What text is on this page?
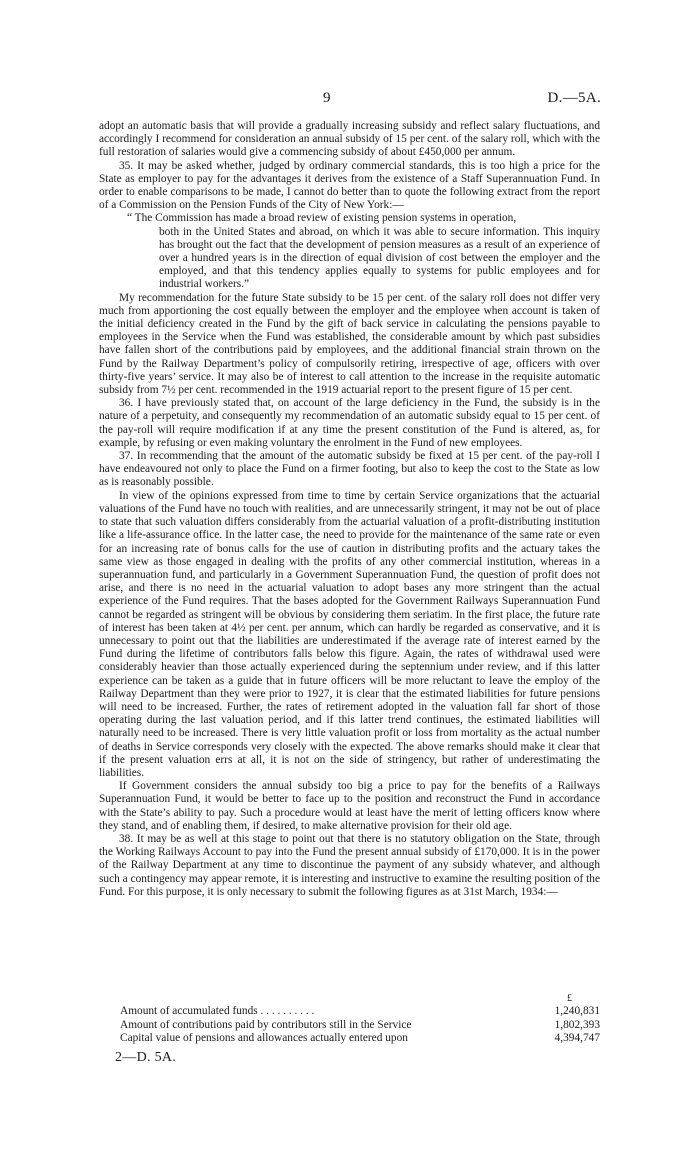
9	D.—5A.

adopt an automatic basis that will provide a gradually increasing subsidy and reflect salary fluctuations, and accordingly I recommend for consideration an annual subsidy of 15 per cent. of the salary roll, which with the full restoration of salaries would give a commencing subsidy of about £450,000 per annum.

35. It may be asked whether, judged by ordinary commercial standards, this is too high a price for the State as employer to pay for the advantages it derives from the existence of a Staff Superannuation Fund. In order to enable comparisons to be made, I cannot do better than to quote the following extract from the report of a Commission on the Pension Funds of the City of New York:—

“ The Commission has made a broad review of existing pension systems in operation,

both in the United States and abroad, on which it was able to secure information. This inquiry has brought out the fact that the development of pension measures as a result of an experience of over a hundred years is in the direction of equal division of cost between the employer and the employed, and that this tendency applies equally to systems for public employees and for industrial workers.”

My recommendation for the future State subsidy to be 15 per cent. of the salary roll does not differ very much from apportioning the cost equally between the employer and the employee when account is taken of the initial deficiency created in the Fund by the gift of back service in calculating the pensions payable to employees in the Service when the Fund was established, the considerable amount by which past subsidies have fallen short of the contributions paid by employees, and the additional financial strain thrown on the Fund by the Railway Department’s policy of compulsorily retiring, irrespective of age, officers with over thirty-five years’ service. It may also be of interest to call attention to the increase in the requisite automatic subsidy from 7½ per cent. recommended in the 1919 actuarial report to the present figure of 15 per cent.

36. I have previously stated that, on account of the large deficiency in the Fund, the subsidy is in the nature of a perpetuity, and consequently my recommendation of an automatic subsidy equal to 15 per cent. of the pay-roll will require modification if at any time the present constitution of the Fund is altered, as, for example, by refusing or even making voluntary the enrolment in the Fund of new employees.

37. In recommending that the amount of the automatic subsidy be fixed at 15 per cent. of the pay-roll I have endeavoured not only to place the Fund on a firmer footing, but also to keep the cost to the State as low as is reasonably possible.

In view of the opinions expressed from time to time by certain Service organizations that the actuarial valuations of the Fund have no touch with realities, and are unnecessarily stringent, it may not be out of place to state that such valuation differs considerably from the actuarial valuation of a profit-distributing institution like a life-assurance office. In the latter case, the need to provide for the maintenance of the same rate or even for an increasing rate of bonus calls for the use of caution in distributing profits and the actuary takes the same view as those engaged in dealing with the profits of any other commercial institution, whereas in a superannuation fund, and particularly in a Government Superannuation Fund, the question of profit does not arise, and there is no need in the actuarial valuation to adopt bases any more stringent than the actual experience of the Fund requires. That the bases adopted for the Government Railways Superannuation Fund cannot be regarded as stringent will be obvious by considering them seriatim. In the first place, the future rate of interest has been taken at 4½ per cent. per annum, which can hardly be regarded as conservative, and it is unnecessary to point out that the liabilities are underestimated if the average rate of interest earned by the Fund during the lifetime of contributors falls below this figure. Again, the rates of withdrawal used were considerably heavier than those actually experienced during the septennium under review, and if this latter experience can be taken as a guide that in future officers will be more reluctant to leave the employ of the Railway Department than they were prior to 1927, it is clear that the estimated liabilities for future pensions will need to be increased. Further, the rates of retirement adopted in the valuation fall far short of those operating during the last valuation period, and if this latter trend continues, the estimated liabilities will naturally need to be increased. There is very little valuation profit or loss from mortality as the actual number of deaths in Service corresponds very closely with the expected. The above remarks should make it clear that if the present valuation errs at all, it is not on the side of stringency, but rather of underestimating the liabilities.

If Government considers the annual subsidy too big a price to pay for the benefits of a Railways Superannuation Fund, it would be better to face up to the position and reconstruct the Fund in accordance with the State’s ability to pay. Such a procedure would at least have the merit of letting officers know where they stand, and of enabling them, if desired, to make alternative provision for their old age.

38. It may be as well at this stage to point out that there is no statutory obligation on the State, through the Working Railways Account to pay into the Fund the present annual subsidy of £170,000. It is in the power of the Railway Department at any time to discontinue the payment of any subsidy whatever, and although such a contingency may appear remote, it is interesting and instructive to examine the resulting position of the Fund. For this purpose, it is only necessary to submit the following figures as at 31st March, 1934:—

£
Amount of accumulated funds . . . . . . . . . .	1,240,831
Amount of contributions paid by contributors still in the Service	1,802,393
Capital value of pensions and allowances actually entered upon	4,394,747
2—D. 5A.
